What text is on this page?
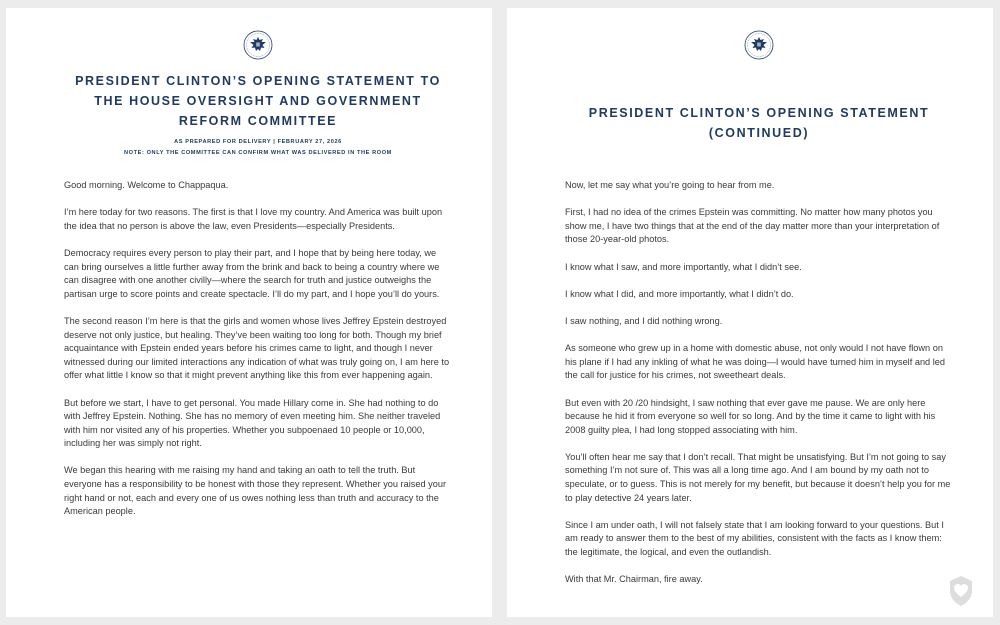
PRESIDENT CLINTON’S OPENING STATEMENT TO
THE HOUSE OVERSIGHT AND GOVERNMENT
REFORM COMMITTEE
AS PREPARED FOR DELIVERY | FEBRUARY 27, 2026
NOTE: ONLY THE COMMITTEE CAN CONFIRM WHAT WAS DELIVERED IN THE ROOM

Good morning. Welcome to Chappaqua.

I’m here today for two reasons. The first is that I love my country. And America was built upon the idea that no person is above the law, even Presidents—especially Presidents.

Democracy requires every person to play their part, and I hope that by being here today, we can bring ourselves a little further away from the brink and back to being a country where we can disagree with one another civilly—where the search for truth and justice outweighs the partisan urge to score points and create spectacle. I’ll do my part, and I hope you’ll do yours.

The second reason I’m here is that the girls and women whose lives Jeffrey Epstein destroyed deserve not only justice, but healing. They’ve been waiting too long for both. Though my brief acquaintance with Epstein ended years before his crimes came to light, and though I never witnessed during our limited interactions any indication of what was truly going on, I am here to offer what little I know so that it might prevent anything like this from ever happening again.

But before we start, I have to get personal. You made Hillary come in. She had nothing to do with Jeffrey Epstein. Nothing. She has no memory of even meeting him. She neither traveled with him nor visited any of his properties. Whether you subpoenaed 10 people or 10,000, including her was simply not right.

We began this hearing with me raising my hand and taking an oath to tell the truth. But everyone has a responsibility to be honest with those they represent. Whether you raised your right hand or not, each and every one of us owes nothing less than truth and accuracy to the American people.

PRESIDENT CLINTON’S OPENING STATEMENT
(CONTINUED)

Now, let me say what you’re going to hear from me.

First, I had no idea of the crimes Epstein was committing. No matter how many photos you show me, I have two things that at the end of the day matter more than your interpretation of those 20-year-old photos.

I know what I saw, and more importantly, what I didn’t see.

I know what I did, and more importantly, what I didn’t do.

I saw nothing, and I did nothing wrong.

As someone who grew up in a home with domestic abuse, not only would I not have flown on his plane if I had any inkling of what he was doing—I would have turned him in myself and led the call for justice for his crimes, not sweetheart deals.

But even with 20 /20 hindsight, I saw nothing that ever gave me pause. We are only here because he hid it from everyone so well for so long. And by the time it came to light with his 2008 guilty plea, I had long stopped associating with him.

You’ll often hear me say that I don’t recall. That might be unsatisfying. But I’m not going to say something I’m not sure of. This was all a long time ago. And I am bound by my oath not to speculate, or to guess. This is not merely for my benefit, but because it doesn’t help you for me to play detective 24 years later.

Since I am under oath, I will not falsely state that I am looking forward to your questions. But I am ready to answer them to the best of my abilities, consistent with the facts as I know them: the legitimate, the logical, and even the outlandish.

With that Mr. Chairman, fire away.
